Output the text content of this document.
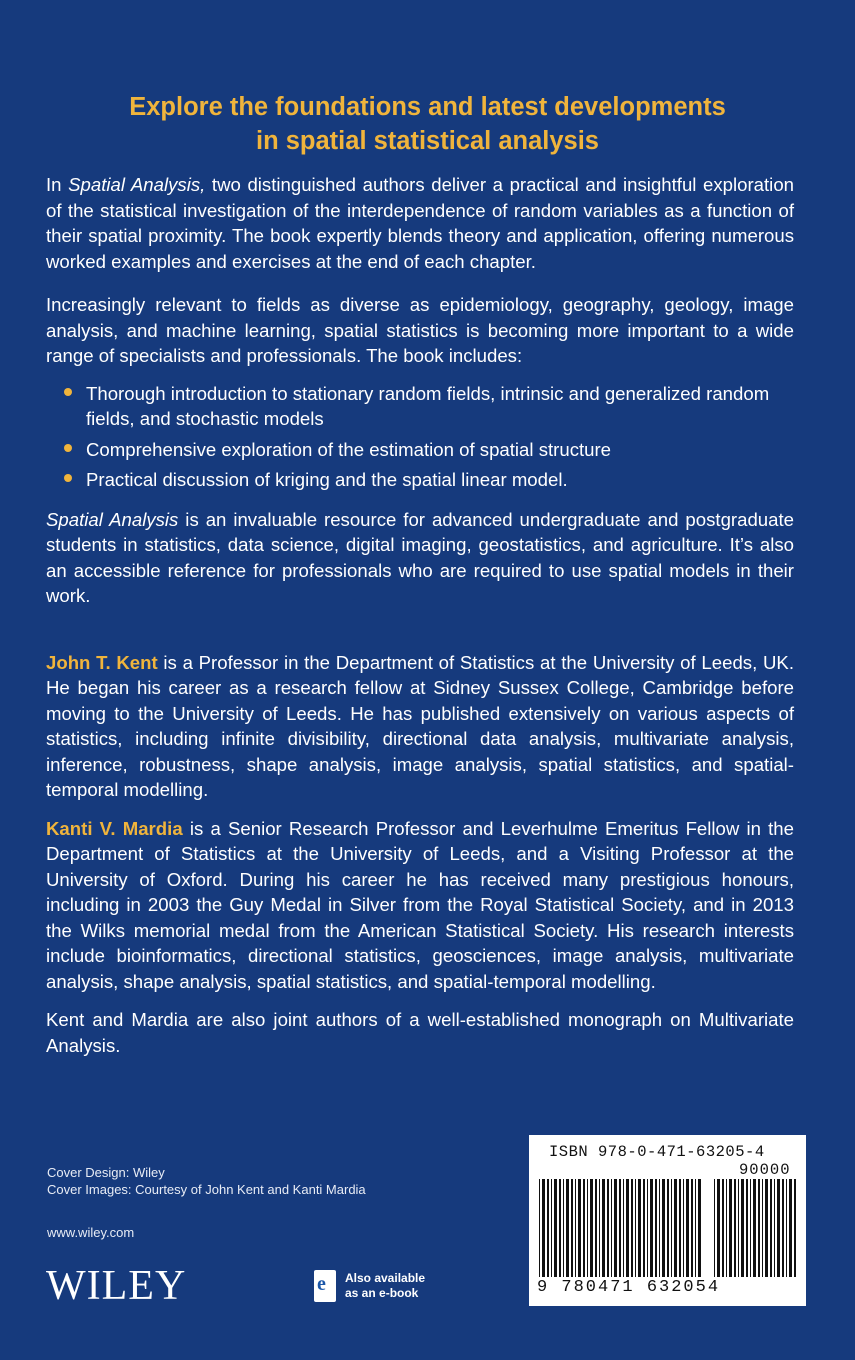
Explore the foundations and latest developments
in spatial statistical analysis

In Spatial Analysis, two distinguished authors deliver a practical and insightful exploration of the statistical investigation of the interdependence of random variables as a function of their spatial proximity. The book expertly blends theory and application, offering numerous worked examples and exercises at the end of each chapter.

Increasingly relevant to fields as diverse as epidemiology, geography, geology, image analysis, and machine learning, spatial statistics is becoming more important to a wide range of specialists and professionals. The book includes:

Thorough introduction to stationary random fields, intrinsic and generalized random fields, and stochastic models
Comprehensive exploration of the estimation of spatial structure
Practical discussion of kriging and the spatial linear model.

Spatial Analysis is an invaluable resource for advanced undergraduate and postgraduate students in statistics, data science, digital imaging, geostatistics, and agriculture. It’s also an accessible reference for professionals who are required to use spatial models in their work.

John T. Kent is a Professor in the Department of Statistics at the University of Leeds, UK. He began his career as a research fellow at Sidney Sussex College, Cambridge before moving to the University of Leeds. He has published extensively on various aspects of statistics, including infinite divisibility, directional data analysis, multivariate analysis, inference, robustness, shape analysis, image analysis, spatial statistics, and spatial-temporal modelling.

Kanti V. Mardia is a Senior Research Professor and Leverhulme Emeritus Fellow in the Department of Statistics at the University of Leeds, and a Visiting Professor at the University of Oxford. During his career he has received many prestigious honours, including in 2003 the Guy Medal in Silver from the Royal Statistical Society, and in 2013 the Wilks memorial medal from the American Statistical Society. His research interests include bioinformatics, directional statistics, geosciences, image analysis, multivariate analysis, shape analysis, spatial statistics, and spatial-temporal modelling.

Kent and Mardia are also joint authors of a well-established monograph on Multivariate Analysis.

Cover Design: Wiley
Cover Images: Courtesy of John Kent and Kanti Mardia
www.wiley.com
WILEY	e Also available
as an e-book
ISBN 978-0-471-63205-4
90000
9 780471 632054
